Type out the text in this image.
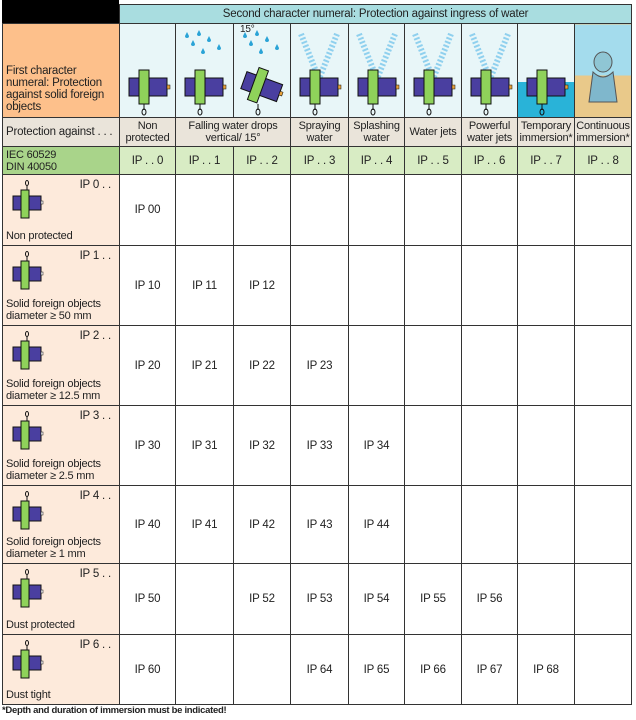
	Second character numeral: Protection against ingress of water								
First character numeral: Protection against solid foreign objects			15°

Protection against . . .	Non protected	Falling water drops vertical/ 15°		Spraying water	Splashing water	Water jets	Powerful water jets	Temporary immersion*	Continuous immersion*
IEC 60529
DIN 40050	IP . . 0	IP . . 1	IP . . 2	IP . . 3	IP . . 4	IP . . 5	IP . . 6	IP . . 7	IP . . 8

IP 0 . .
Non protected	IP 00								

IP 1 . .
Solid foreign objects
diameter ≥ 50 mm	IP 10	IP 11	IP 12						

IP 2 . .
Solid foreign objects
diameter ≥ 12.5 mm	IP 20	IP 21	IP 22	IP 23					

IP 3 . .
Solid foreign objects
diameter ≥ 2.5 mm	IP 30	IP 31	IP 32	IP 33	IP 34				

IP 4 . .
Solid foreign objects
diameter ≥ 1 mm	IP 40	IP 41	IP 42	IP 43	IP 44				

IP 5 . .
Dust protected	IP 50		IP 52	IP 53	IP 54	IP 55	IP 56		

IP 6 . .
Dust tight	IP 60			IP 64	IP 65	IP 66	IP 67	IP 68	
*Depth and duration of immersion must be indicated!
